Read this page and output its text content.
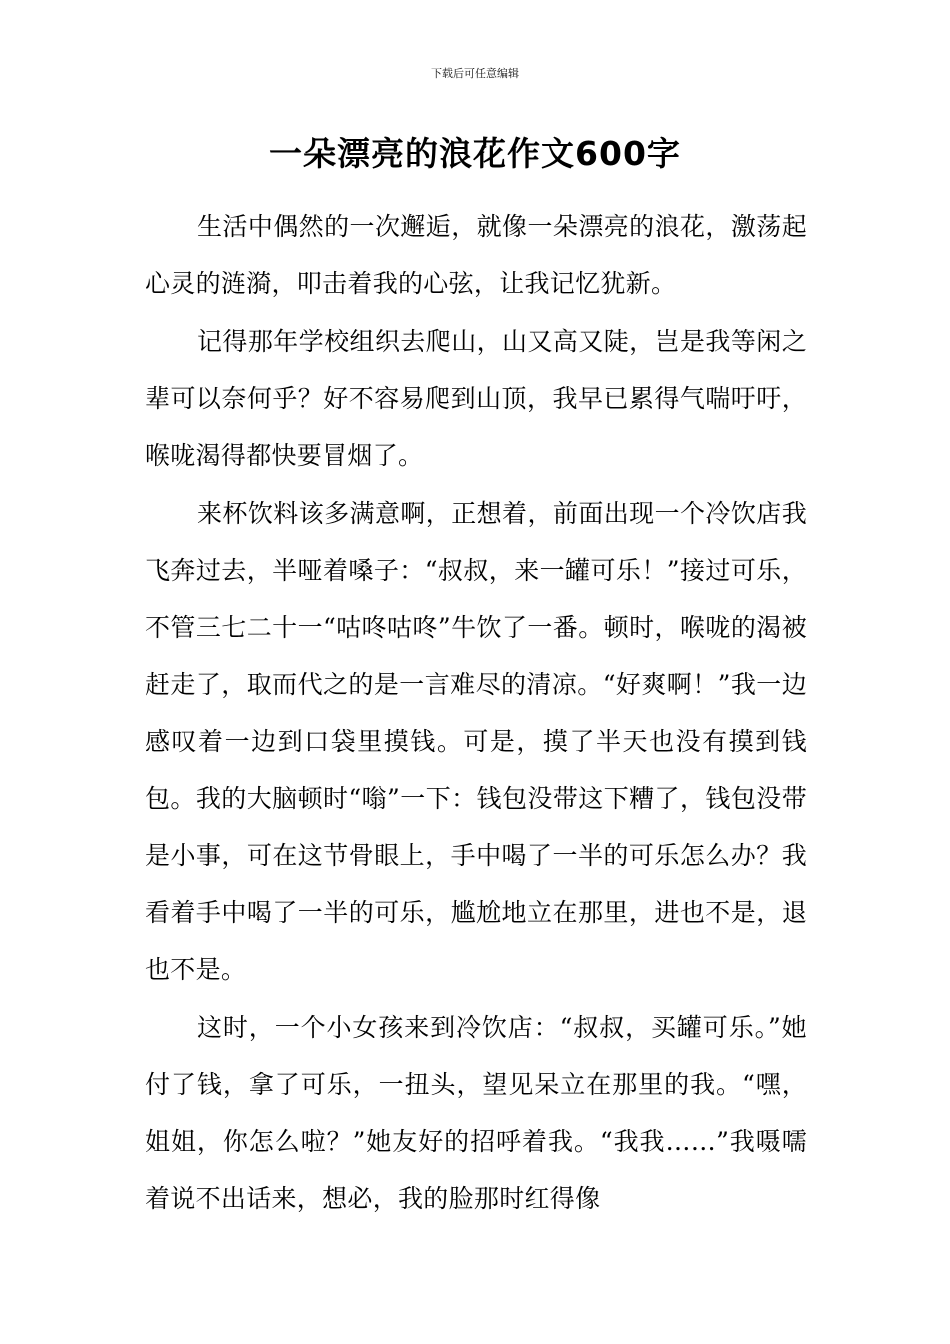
下载后可任意编辑
一朵漂亮的浪花作文600字

生活中偶然的一次邂逅，就像一朵漂亮的浪花，激荡起心灵的涟漪，叩击着我的心弦，让我记忆犹新。

记得那年学校组织去爬山，山又高又陡，岂是我等闲之辈可以奈何乎？好不容易爬到山顶，我早已累得气喘吁吁，喉咙渴得都快要冒烟了。

来杯饮料该多满意啊，正想着，前面出现一个冷饮店我飞奔过去，半哑着嗓子：“叔叔，来一罐可乐！”接过可乐，不管三七二十一“咕咚咕咚”牛饮了一番。顿时，喉咙的渴被赶走了，取而代之的是一言难尽的清凉。“好爽啊！”我一边感叹着一边到口袋里摸钱。可是，摸了半天也没有摸到钱包。我的大脑顿时“嗡”一下：钱包没带这下糟了，钱包没带是小事，可在这节骨眼上，手中喝了一半的可乐怎么办？我看着手中喝了一半的可乐，尴尬地立在那里，进也不是，退也不是。

这时，一个小女孩来到冷饮店：“叔叔，买罐可乐。”她付了钱，拿了可乐，一扭头，望见呆立在那里的我。“嘿，姐姐，你怎么啦？”她友好的招呼着我。“我我……”我嗫嚅着说不出话来，想必，我的脸那时红得像
